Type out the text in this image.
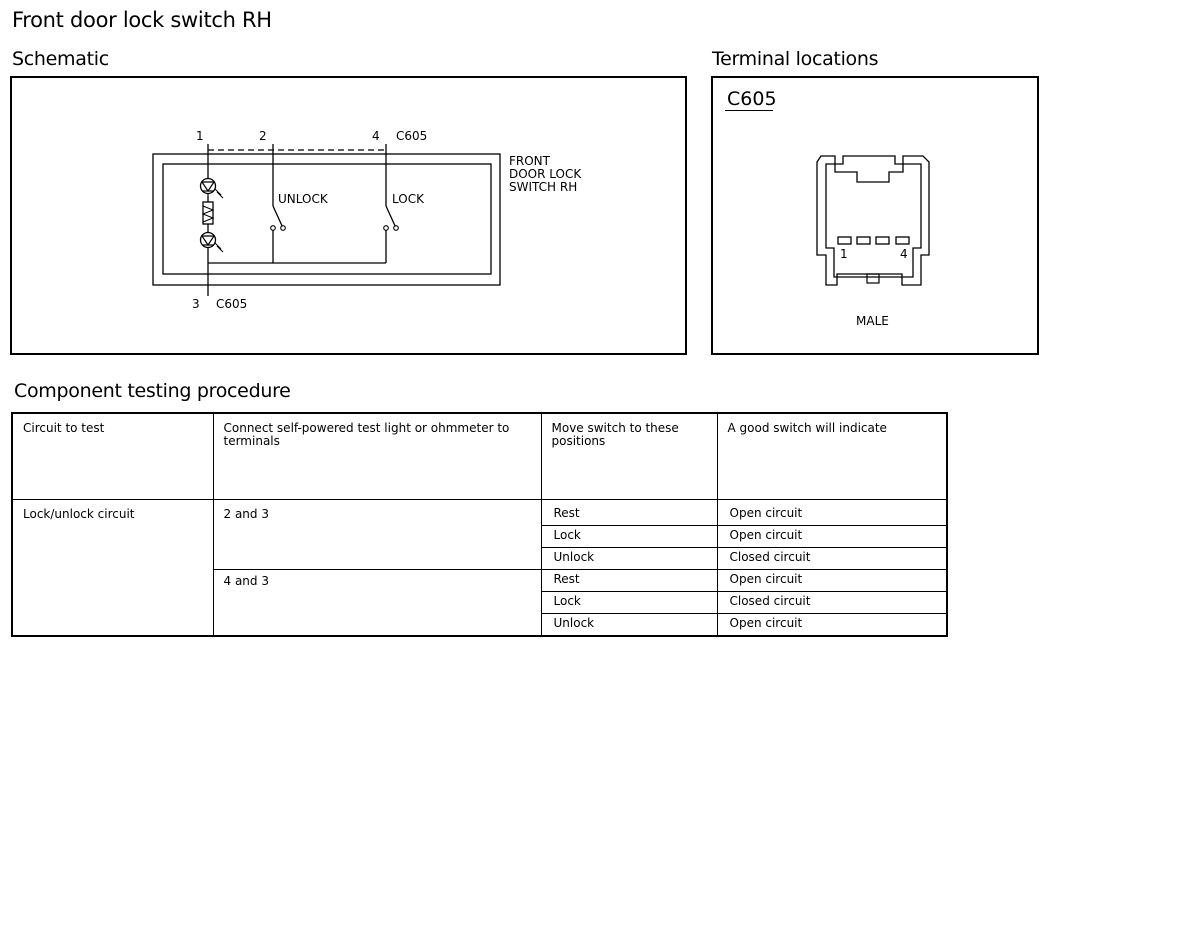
Front door lock switch RH
Schematic
1	2	4 C605
3 C605
FRONT
DOOR LOCK
SWITCH RH
UNLOCK	LOCK
Terminal locations
C605
1	4
MALE
Component testing procedure
Circuit to test	Connect self-powered test light or ohmmeter to terminals	Move switch to these positions	A good switch will indicate
Lock/unlock circuit	2 and 3	Rest	Open circuit
		Lock	Open circuit
		Unlock	Closed circuit
	4 and 3	Rest	Open circuit
		Lock	Closed circuit
		Unlock	Open circuit
